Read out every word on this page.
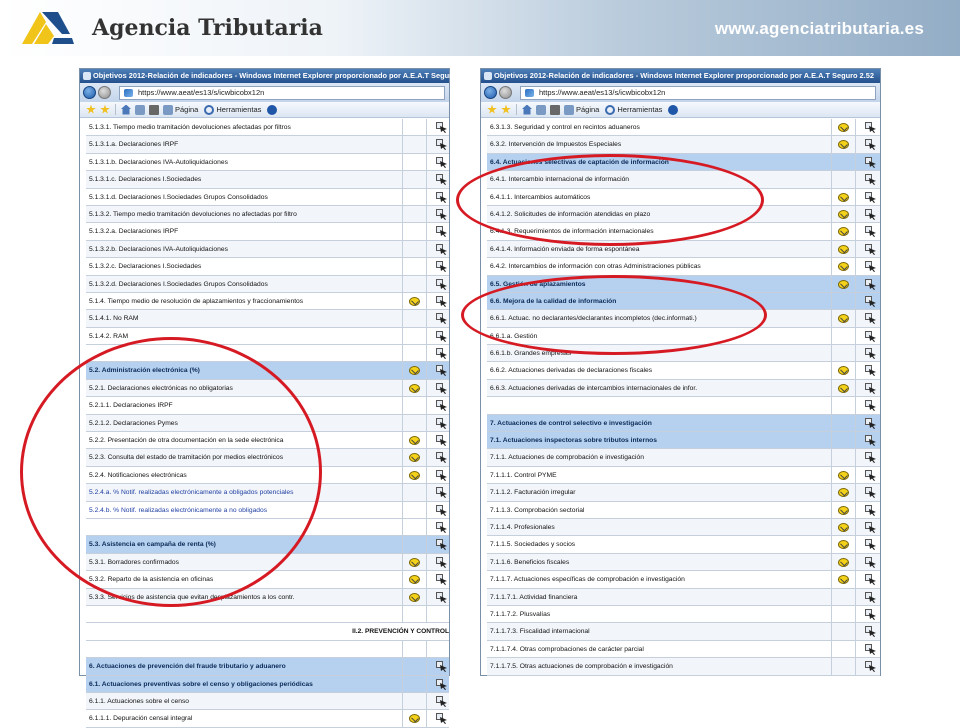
Agencia Tributaria	www.agenciatributaria.es
Objetivos 2012-Relación de indicadores - Windows Internet Explorer proporcionado por A.E.A.T Seguro 2.52
https://www.aeat/es13/s/icwbicobx12n
Página Herramientas
5.1.3.1. Tiempo medio tramitación devoluciones afectadas por filtros
5.1.3.1.a. Declaraciones IRPF
5.1.3.1.b. Declaraciones IVA-Autoliquidaciones
5.1.3.1.c. Declaraciones I.Sociedades
5.1.3.1.d. Declaraciones I.Sociedades Grupos Consolidados
5.1.3.2. Tiempo medio tramitación devoluciones no afectadas por filtro
5.1.3.2.a. Declaraciones IRPF
5.1.3.2.b. Declaraciones IVA-Autoliquidaciones
5.1.3.2.c. Declaraciones I.Sociedades
5.1.3.2.d. Declaraciones I.Sociedades Grupos Consolidados
5.1.4. Tiempo medio de resolución de aplazamientos y fraccionamientos
5.1.4.1. No RAM
5.1.4.2. RAM
5.2. Administración electrónica (%)
5.2.1. Declaraciones electrónicas no obligatorias
5.2.1.1. Declaraciones IRPF
5.2.1.2. Declaraciones Pymes
5.2.2. Presentación de otra documentación en la sede electrónica
5.2.3. Consulta del estado de tramitación por medios electrónicos
5.2.4. Notificaciones electrónicas
5.2.4.a. % Notif. realizadas electrónicamente a obligados potenciales
5.2.4.b. % Notif. realizadas electrónicamente a no obligados
5.3. Asistencia en campaña de renta (%)
5.3.1. Borradores confirmados
5.3.2. Reparto de la asistencia en oficinas
5.3.3. Servicios de asistencia que evitan desplazamientos a los contr.
II.2. PREVENCIÓN Y CONTROL
6. Actuaciones de prevención del fraude tributario y aduanero
6.1. Actuaciones preventivas sobre el censo y obligaciones periódicas
6.1.1. Actuaciones sobre el censo
6.1.1.1. Depuración censal integral
Objetivos 2012-Relación de indicadores - Windows Internet Explorer proporcionado por A.E.A.T Seguro 2.52
https://www.aeat/es13/s/icwbicobx12n
Página Herramientas
6.3.1.3. Seguridad y control en recintos aduaneros
6.3.2. Intervención de Impuestos Especiales
6.4. Actuaciones selectivas de captación de información
6.4.1. Intercambio internacional de información
6.4.1.1. Intercambios automáticos
6.4.1.2. Solicitudes de información atendidas en plazo
6.4.1.3. Requerimientos de información internacionales
6.4.1.4. Información enviada de forma espontánea
6.4.2. Intercambios de información con otras Administraciones públicas
6.5. Gestión de aplazamientos
6.6. Mejora de la calidad de información
6.6.1. Actuac. no declarantes/declarantes incompletos (dec.informati.)
6.6.1.a. Gestión
6.6.1.b. Grandes empresas
6.6.2. Actuaciones derivadas de declaraciones fiscales
6.6.3. Actuaciones derivadas de intercambios internacionales de infor.
7. Actuaciones de control selectivo e investigación
7.1. Actuaciones inspectoras sobre tributos internos
7.1.1. Actuaciones de comprobación e investigación
7.1.1.1. Control PYME
7.1.1.2. Facturación irregular
7.1.1.3. Comprobación sectorial
7.1.1.4. Profesionales
7.1.1.5. Sociedades y socios
7.1.1.6. Beneficios fiscales
7.1.1.7. Actuaciones específicas de comprobación e investigación
7.1.1.7.1. Actividad financiera
7.1.1.7.2. Plusvalías
7.1.1.7.3. Fiscalidad internacional
7.1.1.7.4. Otras comprobaciones de carácter parcial
7.1.1.7.5. Otras actuaciones de comprobación e investigación
